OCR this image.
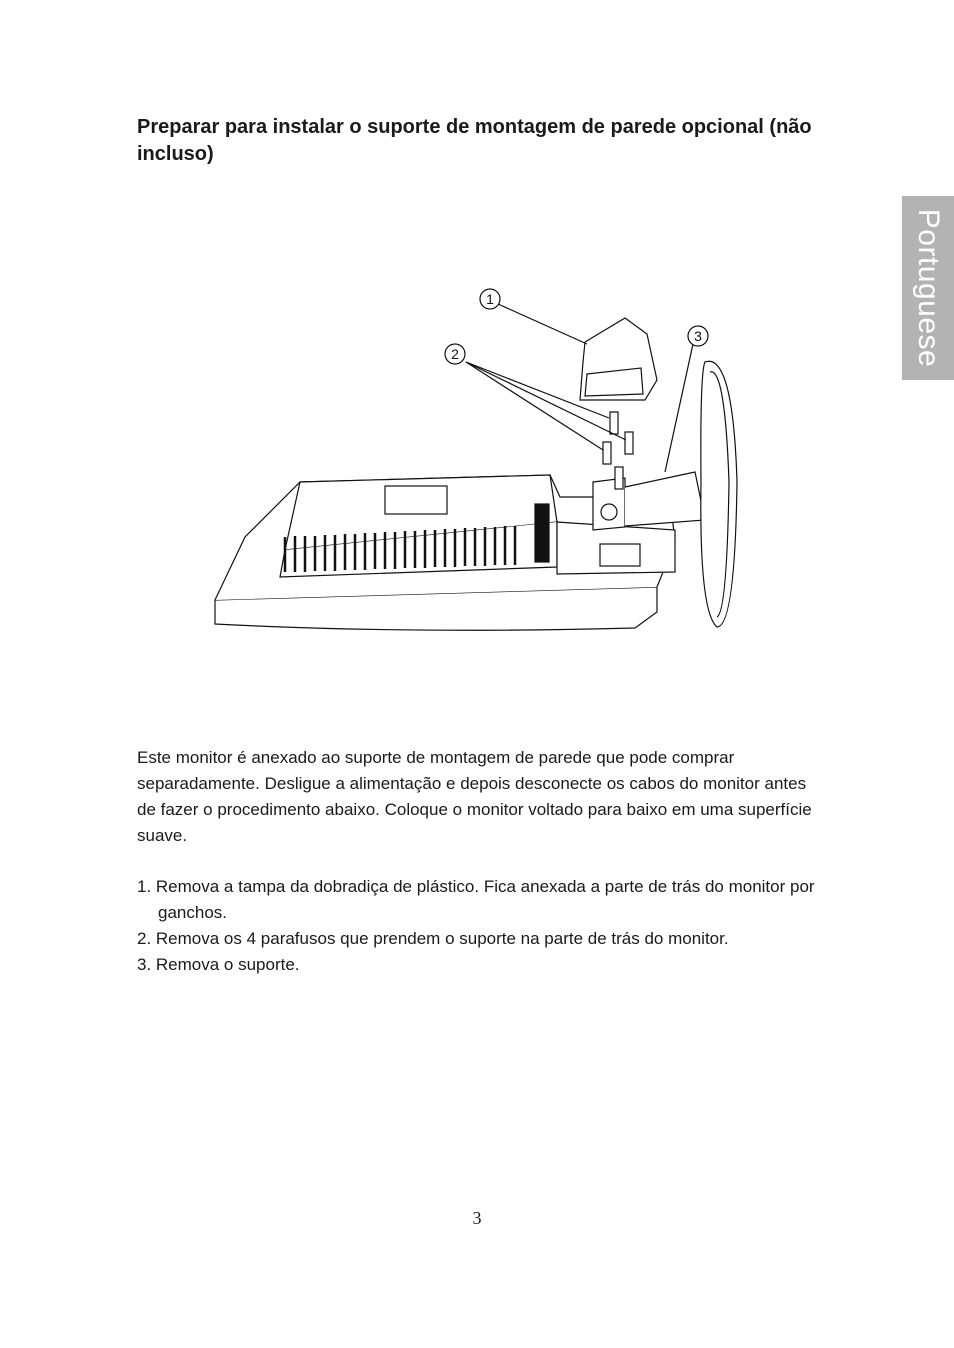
Preparar para instalar o suporte de montagem de parede opcional (não incluso)
Portuguese
1
2
3

Este monitor é anexado ao suporte de montagem de parede que pode comprar separadamente. Desligue a alimentação e depois desconecte os cabos do monitor antes de fazer o procedimento abaixo. Coloque o monitor voltado para baixo em uma superfície suave.

1. Remova a tampa da dobradiça de plástico. Fica anexada a parte de trás do monitor por ganchos.
2. Remova os 4 parafusos que prendem o suporte na parte de trás do monitor.
3. Remova o suporte.
3
